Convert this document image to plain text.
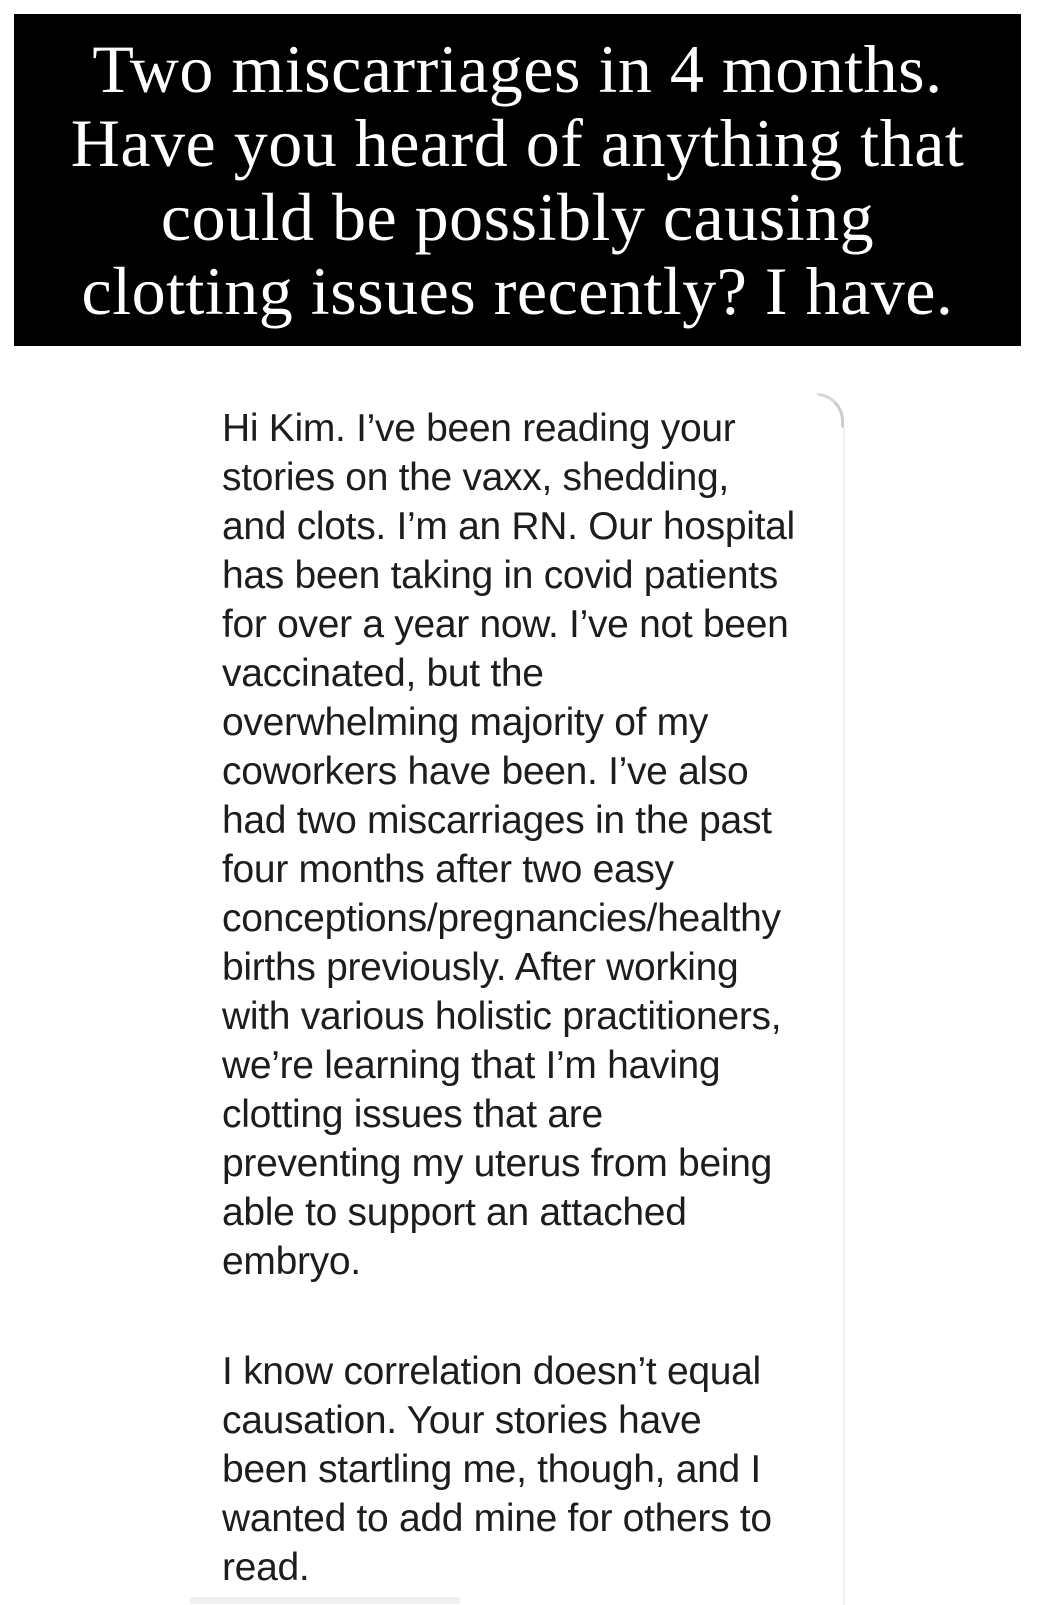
Two miscarriages in 4 months.
Have you heard of anything that
could be possibly causing
clotting issues recently? I have.
Hi Kim. I’ve been reading your
stories on the vaxx, shedding,
and clots. I’m an RN. Our hospital
has been taking in covid patients
for over a year now. I’ve not been
vaccinated, but the
overwhelming majority of my
coworkers have been. I’ve also
had two miscarriages in the past
four months after two easy
conceptions/pregnancies/healthy
births previously. After working
with various holistic practitioners,
we’re learning that I’m having
clotting issues that are
preventing my uterus from being
able to support an attached
embryo.
I know correlation doesn’t equal
causation. Your stories have
been startling me, though, and I
wanted to add mine for others to
read.
